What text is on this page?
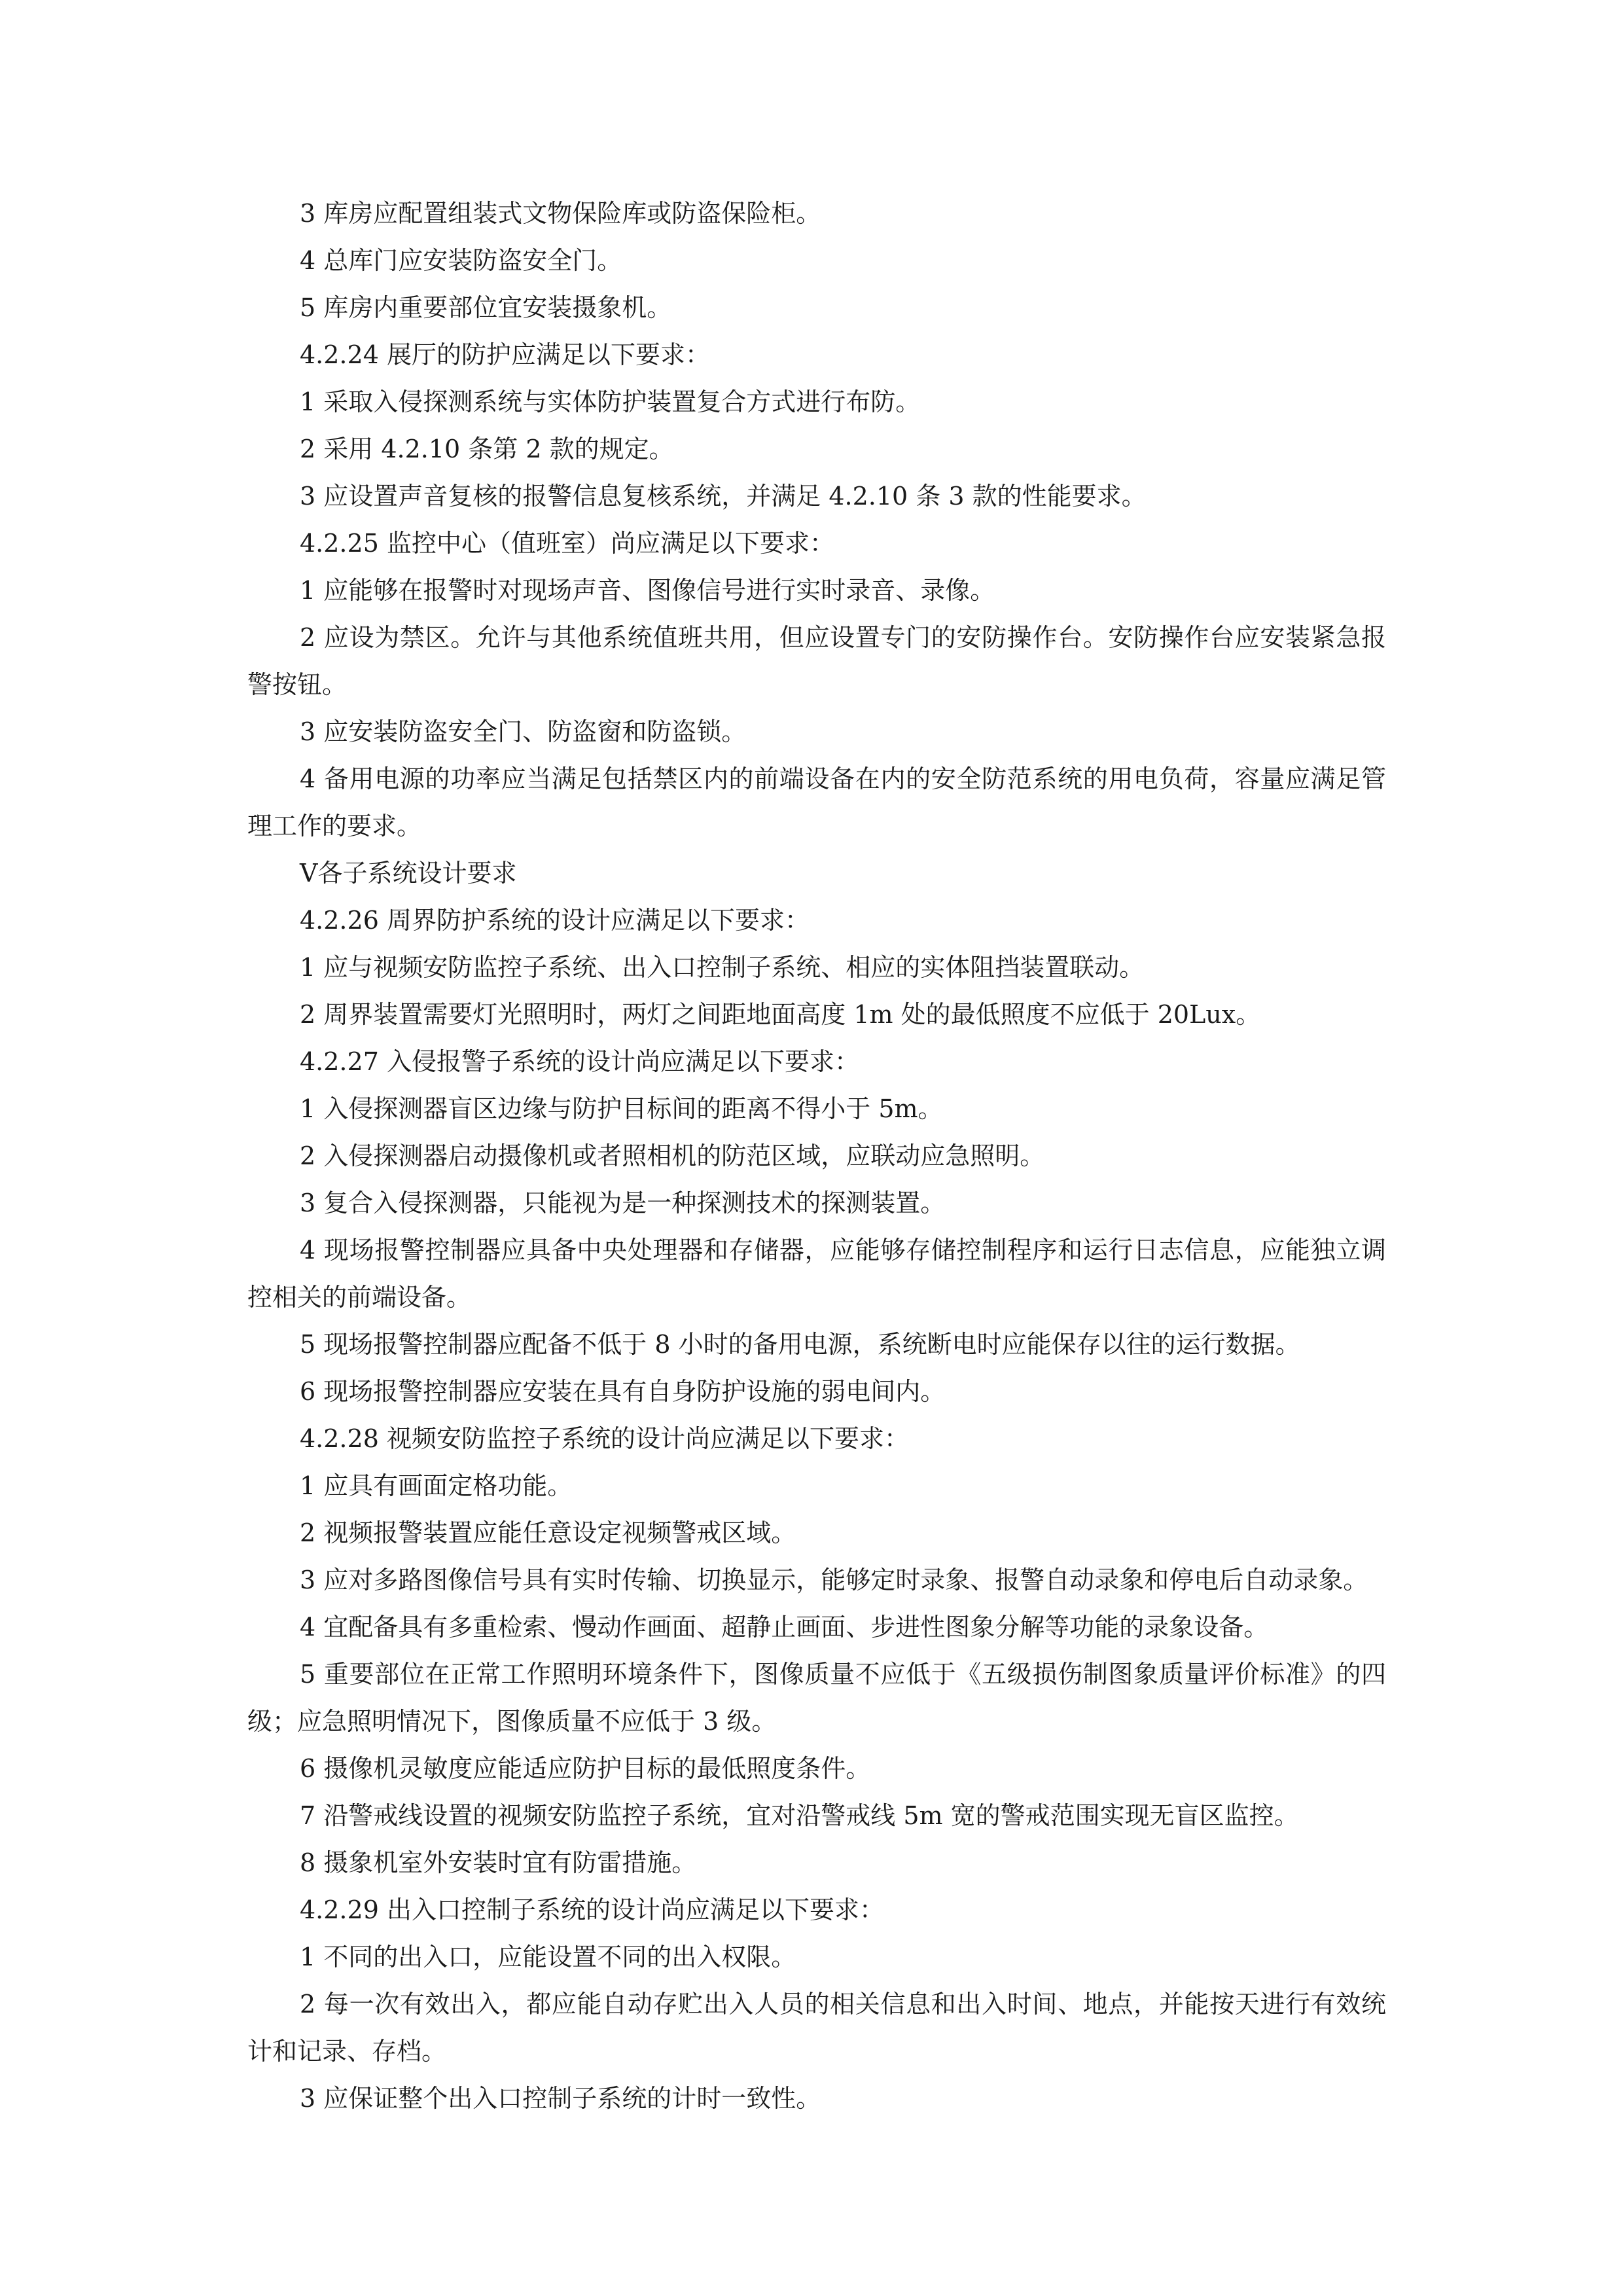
3 库房应配置组装式文物保险库或防盗保险柜。

4 总库门应安装防盗安全门。

5 库房内重要部位宜安装摄象机。

4.2.24 展厅的防护应满足以下要求：

1 采取入侵探测系统与实体防护装置复合方式进行布防。

2 采用 4.2.10 条第 2 款的规定。

3 应设置声音复核的报警信息复核系统，并满足 4.2.10 条 3 款的性能要求。

4.2.25 监控中心（值班室）尚应满足以下要求：

1 应能够在报警时对现场声音、图像信号进行实时录音、录像。

2 应设为禁区。允许与其他系统值班共用，但应设置专门的安防操作台。安防操作台应安装紧急报警按钮。

3 应安装防盗安全门、防盗窗和防盗锁。

4 备用电源的功率应当满足包括禁区内的前端设备在内的安全防范系统的用电负荷，容量应满足管理工作的要求。

Ⅴ各子系统设计要求

4.2.26 周界防护系统的设计应满足以下要求：

1 应与视频安防监控子系统、出入口控制子系统、相应的实体阻挡装置联动。

2 周界装置需要灯光照明时，两灯之间距地面高度 1m 处的最低照度不应低于 20Lux。

4.2.27 入侵报警子系统的设计尚应满足以下要求：

1 入侵探测器盲区边缘与防护目标间的距离不得小于 5m。

2 入侵探测器启动摄像机或者照相机的防范区域，应联动应急照明。

3 复合入侵探测器，只能视为是一种探测技术的探测装置。

4 现场报警控制器应具备中央处理器和存储器，应能够存储控制程序和运行日志信息，应能独立调控相关的前端设备。

5 现场报警控制器应配备不低于 8 小时的备用电源，系统断电时应能保存以往的运行数据。

6 现场报警控制器应安装在具有自身防护设施的弱电间内。

4.2.28 视频安防监控子系统的设计尚应满足以下要求：

1 应具有画面定格功能。

2 视频报警装置应能任意设定视频警戒区域。

3 应对多路图像信号具有实时传输、切换显示，能够定时录象、报警自动录象和停电后自动录象。

4 宜配备具有多重检索、慢动作画面、超静止画面、步进性图象分解等功能的录象设备。

5 重要部位在正常工作照明环境条件下，图像质量不应低于《五级损伤制图象质量评价标准》的四级；应急照明情况下，图像质量不应低于 3 级。

6 摄像机灵敏度应能适应防护目标的最低照度条件。

7 沿警戒线设置的视频安防监控子系统，宜对沿警戒线 5m 宽的警戒范围实现无盲区监控。

8 摄象机室外安装时宜有防雷措施。

4.2.29 出入口控制子系统的设计尚应满足以下要求：

1 不同的出入口，应能设置不同的出入权限。

2 每一次有效出入，都应能自动存贮出入人员的相关信息和出入时间、地点，并能按天进行有效统计和记录、存档。

3 应保证整个出入口控制子系统的计时一致性。
